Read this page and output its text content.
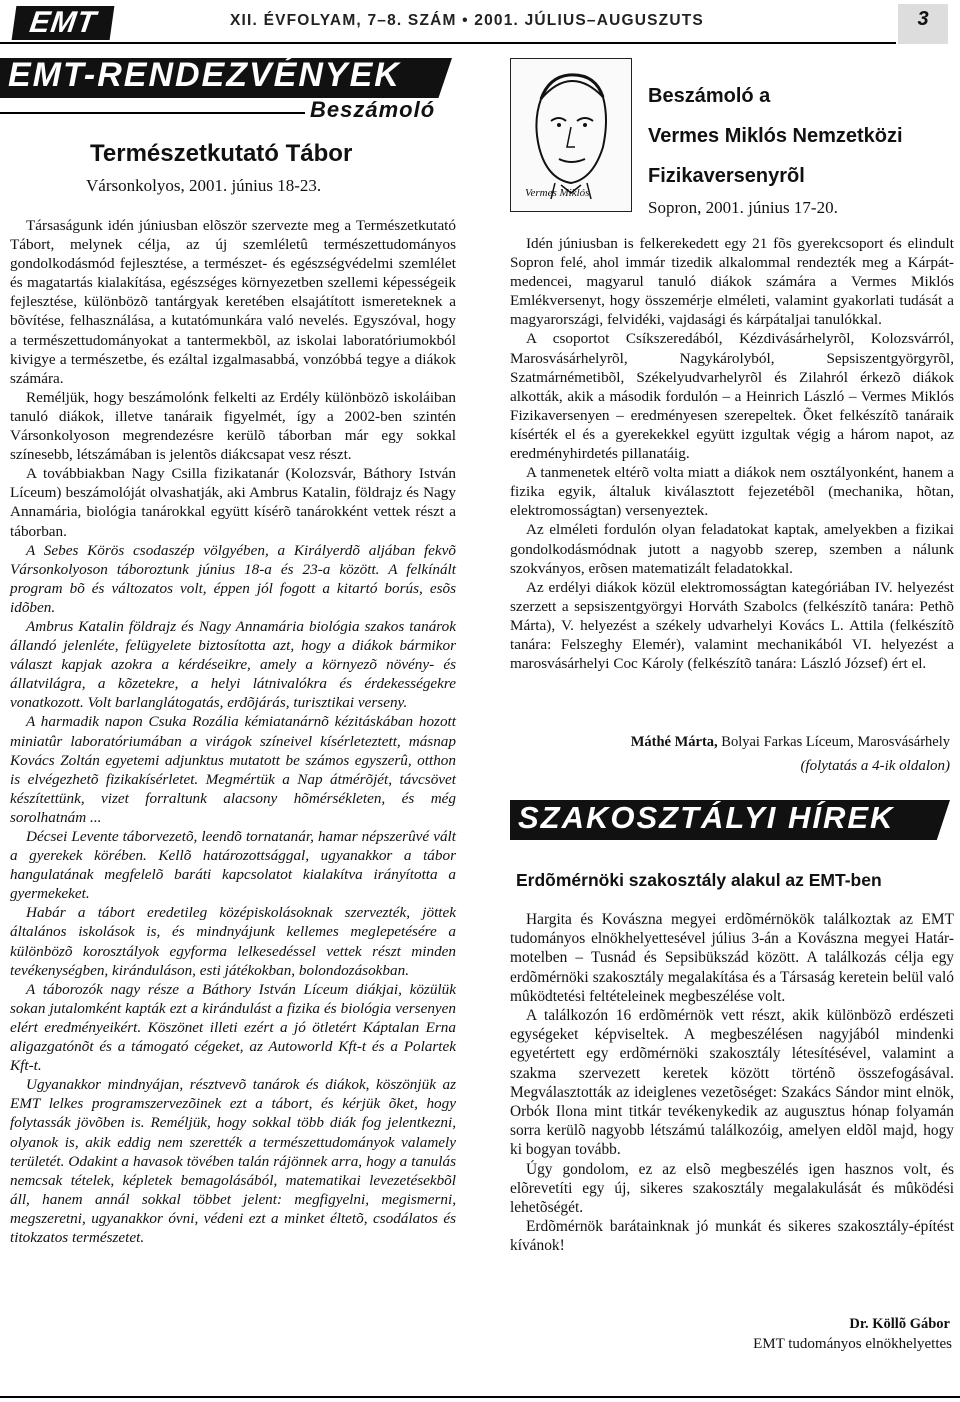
EMT	XII. ÉVFOLYAM, 7–8. SZÁM • 2001. JÚLIUS–AUGUSZUTS	3
EMT-RENDEZVÉNYEK
Beszámoló
Természetkutató Tábor
Vársonkolyos, 2001. június 18-23.

Társaságunk idén júniusban elõször szervezte meg a Természetkutató Tábort, melynek célja, az új szemléletû természettudományos gondolkodásmód fejlesztése, a természet- és egészségvédelmi szemlélet és magatartás kialakítása, egészséges környezetben szellemi képességeik fejlesztése, különbözõ tantárgyak keretében elsajátított ismereteknek a bõvítése, felhasználása, a kutatómunkára való nevelés. Egyszóval, hogy a természettudományokat a tantermekbõl, az iskolai laboratóriumokból kivigye a természetbe, és ezáltal izgalmasabbá, vonzóbbá tegye a diákok számára.

Reméljük, hogy beszámolónk felkelti az Erdély különbözõ iskoláiban tanuló diákok, illetve tanáraik figyelmét, így a 2002-ben szintén Vársonkolyoson megrendezésre kerülõ táborban már egy sokkal színesebb, létszámában is jelentõs diákcsapat vesz részt.

A továbbiakban Nagy Csilla fizikatanár (Kolozsvár, Báthory István Líceum) beszámolóját olvashatják, aki Ambrus Katalin, földrajz és Nagy Annamária, biológia tanárokkal együtt kísérõ tanárokként vettek részt a táborban.

A Sebes Körös csodaszép völgyében, a Királyerdõ aljában fekvõ Vársonkolyoson táboroztunk június 18-a és 23-a között. A felkínált program bõ és változatos volt, éppen jól fogott a kitartó borús, esõs idõben.

Ambrus Katalin földrajz és Nagy Annamária biológia szakos tanárok állandó jelenléte, felügyelete biztosította azt, hogy a diákok bármikor választ kapjak azokra a kérdéseikre, amely a környezõ növény- és állatvilágra, a kõzetekre, a helyi látnivalókra és érdekességekre vonatkozott. Volt barlanglátogatás, erdõjárás, turisztikai verseny.

A harmadik napon Csuka Rozália kémiatanárnõ kézitáskában hozott miniatûr laboratóriumában a virágok színeivel kísérleteztett, másnap Kovács Zoltán egyetemi adjunktus mutatott be számos egyszerû, otthon is elvégezhetõ fizikakísérletet. Megmértük a Nap átmérõjét, távcsövet készítettünk, vizet forraltunk alacsony hõmérsékleten, és még sorolhatnám ...

Décsei Levente táborvezetõ, leendõ tornatanár, hamar népszerûvé vált a gyerekek körében. Kellõ határozottsággal, ugyanakkor a tábor hangulatának megfelelõ baráti kapcsolatot kialakítva irányította a gyermekeket.

Habár a tábort eredetileg középiskolásoknak szervezték, jöttek általános iskolások is, és mindnyájunk kellemes meglepetésére a különbözõ korosztályok egyforma lelkesedéssel vettek részt minden tevékenységben, kiránduláson, esti játékokban, bolondozásokban.

A táborozók nagy része a Báthory István Líceum diákjai, közülük sokan jutalomként kapták ezt a kirándulást a fizika és biológia versenyen elért eredményeikért. Köszönet illeti ezért a jó ötletért Káptalan Erna aligazgatónõt és a támogató cégeket, az Autoworld Kft-t és a Polartek Kft-t.

Ugyanakkor mindnyájan, résztvevõ tanárok és diákok, köszönjük az EMT lelkes programszervezõinek ezt a tábort, és kérjük õket, hogy folytassák jövõben is. Reméljük, hogy sokkal több diák fog jelentkezni, olyanok is, akik eddig nem szerették a természettudományok valamely területét. Odakint a havasok tövében talán rájönnek arra, hogy a tanulás nemcsak tételek, képletek bemagolásából, matematikai levezetésekbõl áll, hanem annál sokkal többet jelent: megfigyelni, megismerni, megszeretni, ugyanakkor óvni, védeni ezt a minket éltetõ, csodálatos és titokzatos természetet.

Vermes Miklós
Beszámoló a
Vermes Miklós Nemzetközi
Fizikaversenyrõl
Sopron, 2001. június 17-20.

Idén júniusban is felkerekedett egy 21 fõs gyerekcsoport és elindult Sopron felé, ahol immár tizedik alkalommal rendezték meg a Kárpát-medencei, magyarul tanuló diákok számára a Vermes Miklós Emlékversenyt, hogy összemérje elméleti, valamint gyakorlati tudását a magyarországi, felvidéki, vajdasági és kárpátaljai tanulókkal.

A csoportot Csíkszeredából, Kézdivásárhelyrõl, Kolozsvárról, Marosvásárhelyrõl, Nagykárolyból, Sepsiszentgyörgyrõl, Szatmárnémetibõl, Székelyudvarhelyrõl és Zilahról érkezõ diákok alkották, akik a második fordulón – a Heinrich László – Vermes Miklós Fizikaversenyen – eredményesen szerepeltek. Õket felkészítõ tanáraik kísérték el és a gyerekekkel együtt izgultak végig a három napot, az eredményhirdetés pillanatáig.

A tanmenetek eltérõ volta miatt a diákok nem osztályonként, hanem a fizika egyik, általuk kiválasztott fejezetébõl (mechanika, hõtan, elektromosságtan) versenyeztek.

Az elméleti fordulón olyan feladatokat kaptak, amelyekben a fizikai gondolkodásmódnak jutott a nagyobb szerep, szemben a nálunk szokványos, erõsen matematizált feladatokkal.

Az erdélyi diákok közül elektromosságtan kategóriában IV. helyezést szerzett a sepsiszentgyörgyi Horváth Szabolcs (felkészítõ tanára: Pethõ Márta), V. helyezést a székely udvarhelyi Kovács L. Attila (felkészítõ tanára: Felszeghy Elemér), valamint mechanikából VI. helyezést a marosvásárhelyi Coc Károly (felkészítõ tanára: László József) ért el.

Máthé Márta, Bolyai Farkas Líceum, Marosvásárhely
(folytatás a 4-ik oldalon)
SZAKOSZTÁLYI HÍREK
Erdõmérnöki szakosztály alakul az EMT-ben

Hargita és Kovászna megyei erdõmérnökök találkoztak az EMT tudományos elnökhelyettesével július 3-án a Kovászna megyei Határ-motelben – Tusnád és Sepsibükszád között. A találkozás célja egy erdõmérnöki szakosztály megalakítása és a Társaság keretein belül való mûködtetési feltételeinek megbeszélése volt.

A találkozón 16 erdõmérnök vett részt, akik különbözõ erdészeti egységeket képviseltek. A megbeszélésen nagyjából mindenki egyetértett egy erdõmérnöki szakosztály létesítésével, valamint a szakma szervezett keretek között történõ összefogásával. Megválasztották az ideiglenes vezetõséget: Szakács Sándor mint elnök, Orbók Ilona mint titkár tevékenykedik az augusztus hónap folyamán sorra kerülõ nagyobb létszámú találkozóig, amelyen eldõl majd, hogy ki bogyan tovább.

Úgy gondolom, ez az elsõ megbeszélés igen hasznos volt, és elõrevetíti egy új, sikeres szakosztály megalakulását és mûködési lehetõségét.

Erdõmérnök barátainknak jó munkát és sikeres szakosztály-építést kívánok!

Dr. Köllõ Gábor
EMT tudományos elnökhelyettes
